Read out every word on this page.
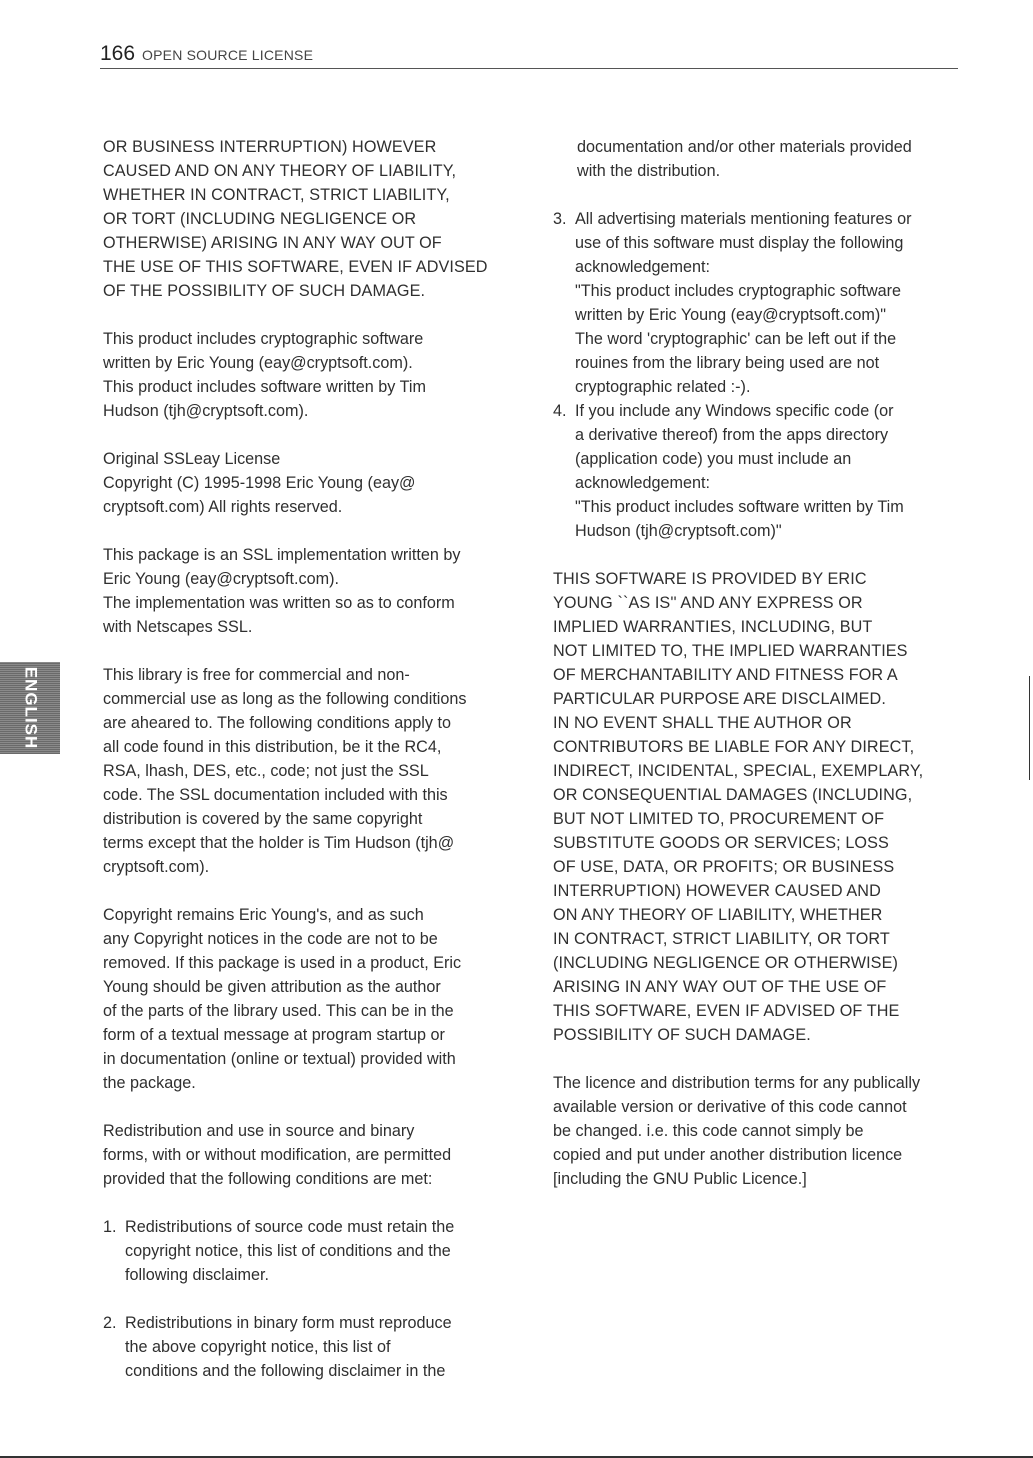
166 OPEN SOURCE LICENSE
ENGLISH

OR BUSINESS INTERRUPTION) HOWEVER
CAUSED AND ON ANY THEORY OF LIABILITY,
WHETHER IN CONTRACT, STRICT LIABILITY,
OR TORT (INCLUDING NEGLIGENCE OR
OTHERWISE) ARISING IN ANY WAY OUT OF
THE USE OF THIS SOFTWARE, EVEN IF ADVISED
OF THE POSSIBILITY OF SUCH DAMAGE.

This product includes cryptographic software
written by Eric Young (eay@cryptsoft.com).
This product includes software written by Tim
Hudson (tjh@cryptsoft.com).

Original SSLeay License
Copyright (C) 1995-1998 Eric Young (eay@
cryptsoft.com) All rights reserved.

This package is an SSL implementation written by
Eric Young (eay@cryptsoft.com).
The implementation was written so as to conform
with Netscapes SSL.

This library is free for commercial and non-
commercial use as long as the following conditions
are aheared to. The following conditions apply to
all code found in this distribution, be it the RC4,
RSA, lhash, DES, etc., code; not just the SSL
code. The SSL documentation included with this
distribution is covered by the same copyright
terms except that the holder is Tim Hudson (tjh@
cryptsoft.com).

Copyright remains Eric Young's, and as such
any Copyright notices in the code are not to be
removed. If this package is used in a product, Eric
Young should be given attribution as the author
of the parts of the library used. This can be in the
form of a textual message at program startup or
in documentation (online or textual) provided with
the package.

Redistribution and use in source and binary
forms, with or without modification, are permitted
provided that the following conditions are met:

1. Redistributions of source code must retain the
copyright notice, this list of conditions and the
following disclaimer.
2. Redistributions in binary form must reproduce
the above copyright notice, this list of
conditions and the following disclaimer in the
documentation and/or other materials provided
with the distribution.
3. All advertising materials mentioning features or
use of this software must display the following
acknowledgement:
"This product includes cryptographic software
written by Eric Young (eay@cryptsoft.com)"
The word 'cryptographic' can be left out if the
rouines from the library being used are not
cryptographic related :-).
4. If you include any Windows specific code (or
a derivative thereof) from the apps directory
(application code) you must include an
acknowledgement:
"This product includes software written by Tim
Hudson (tjh@cryptsoft.com)"

THIS SOFTWARE IS PROVIDED BY ERIC
YOUNG ``AS IS'' AND ANY EXPRESS OR
IMPLIED WARRANTIES, INCLUDING, BUT
NOT LIMITED TO, THE IMPLIED WARRANTIES
OF MERCHANTABILITY AND FITNESS FOR A
PARTICULAR PURPOSE ARE DISCLAIMED.
IN NO EVENT SHALL THE AUTHOR OR
CONTRIBUTORS BE LIABLE FOR ANY DIRECT,
INDIRECT, INCIDENTAL, SPECIAL, EXEMPLARY,
OR CONSEQUENTIAL DAMAGES (INCLUDING,
BUT NOT LIMITED TO, PROCUREMENT OF
SUBSTITUTE GOODS OR SERVICES; LOSS
OF USE, DATA, OR PROFITS; OR BUSINESS
INTERRUPTION) HOWEVER CAUSED AND
ON ANY THEORY OF LIABILITY, WHETHER
IN CONTRACT, STRICT LIABILITY, OR TORT
(INCLUDING NEGLIGENCE OR OTHERWISE)
ARISING IN ANY WAY OUT OF THE USE OF
THIS SOFTWARE, EVEN IF ADVISED OF THE
POSSIBILITY OF SUCH DAMAGE.

The licence and distribution terms for any publically
available version or derivative of this code cannot
be changed. i.e. this code cannot simply be
copied and put under another distribution licence
[including the GNU Public Licence.]
